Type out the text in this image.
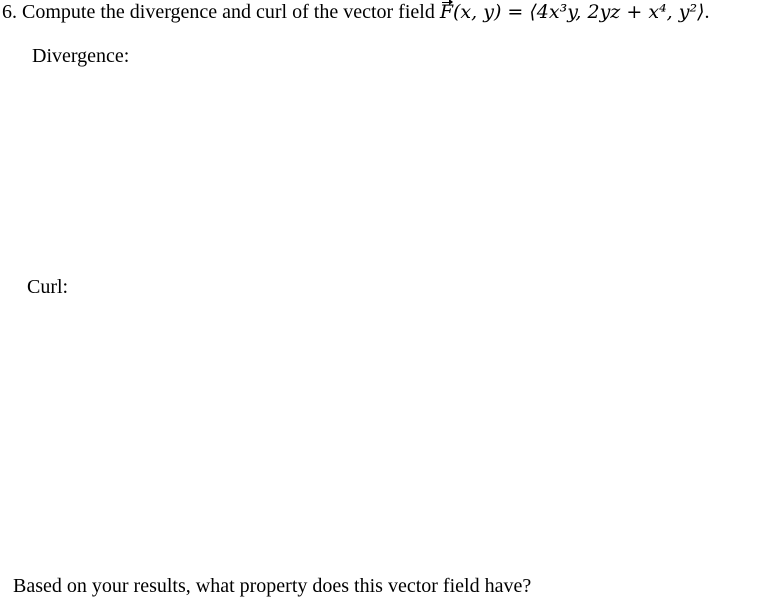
6. Compute the divergence and curl of the vector field F(x, y) = ⟨4x³y, 2yz + x⁴, y²⟩.
Divergence:
Curl:
Based on your results, what property does this vector field have?
